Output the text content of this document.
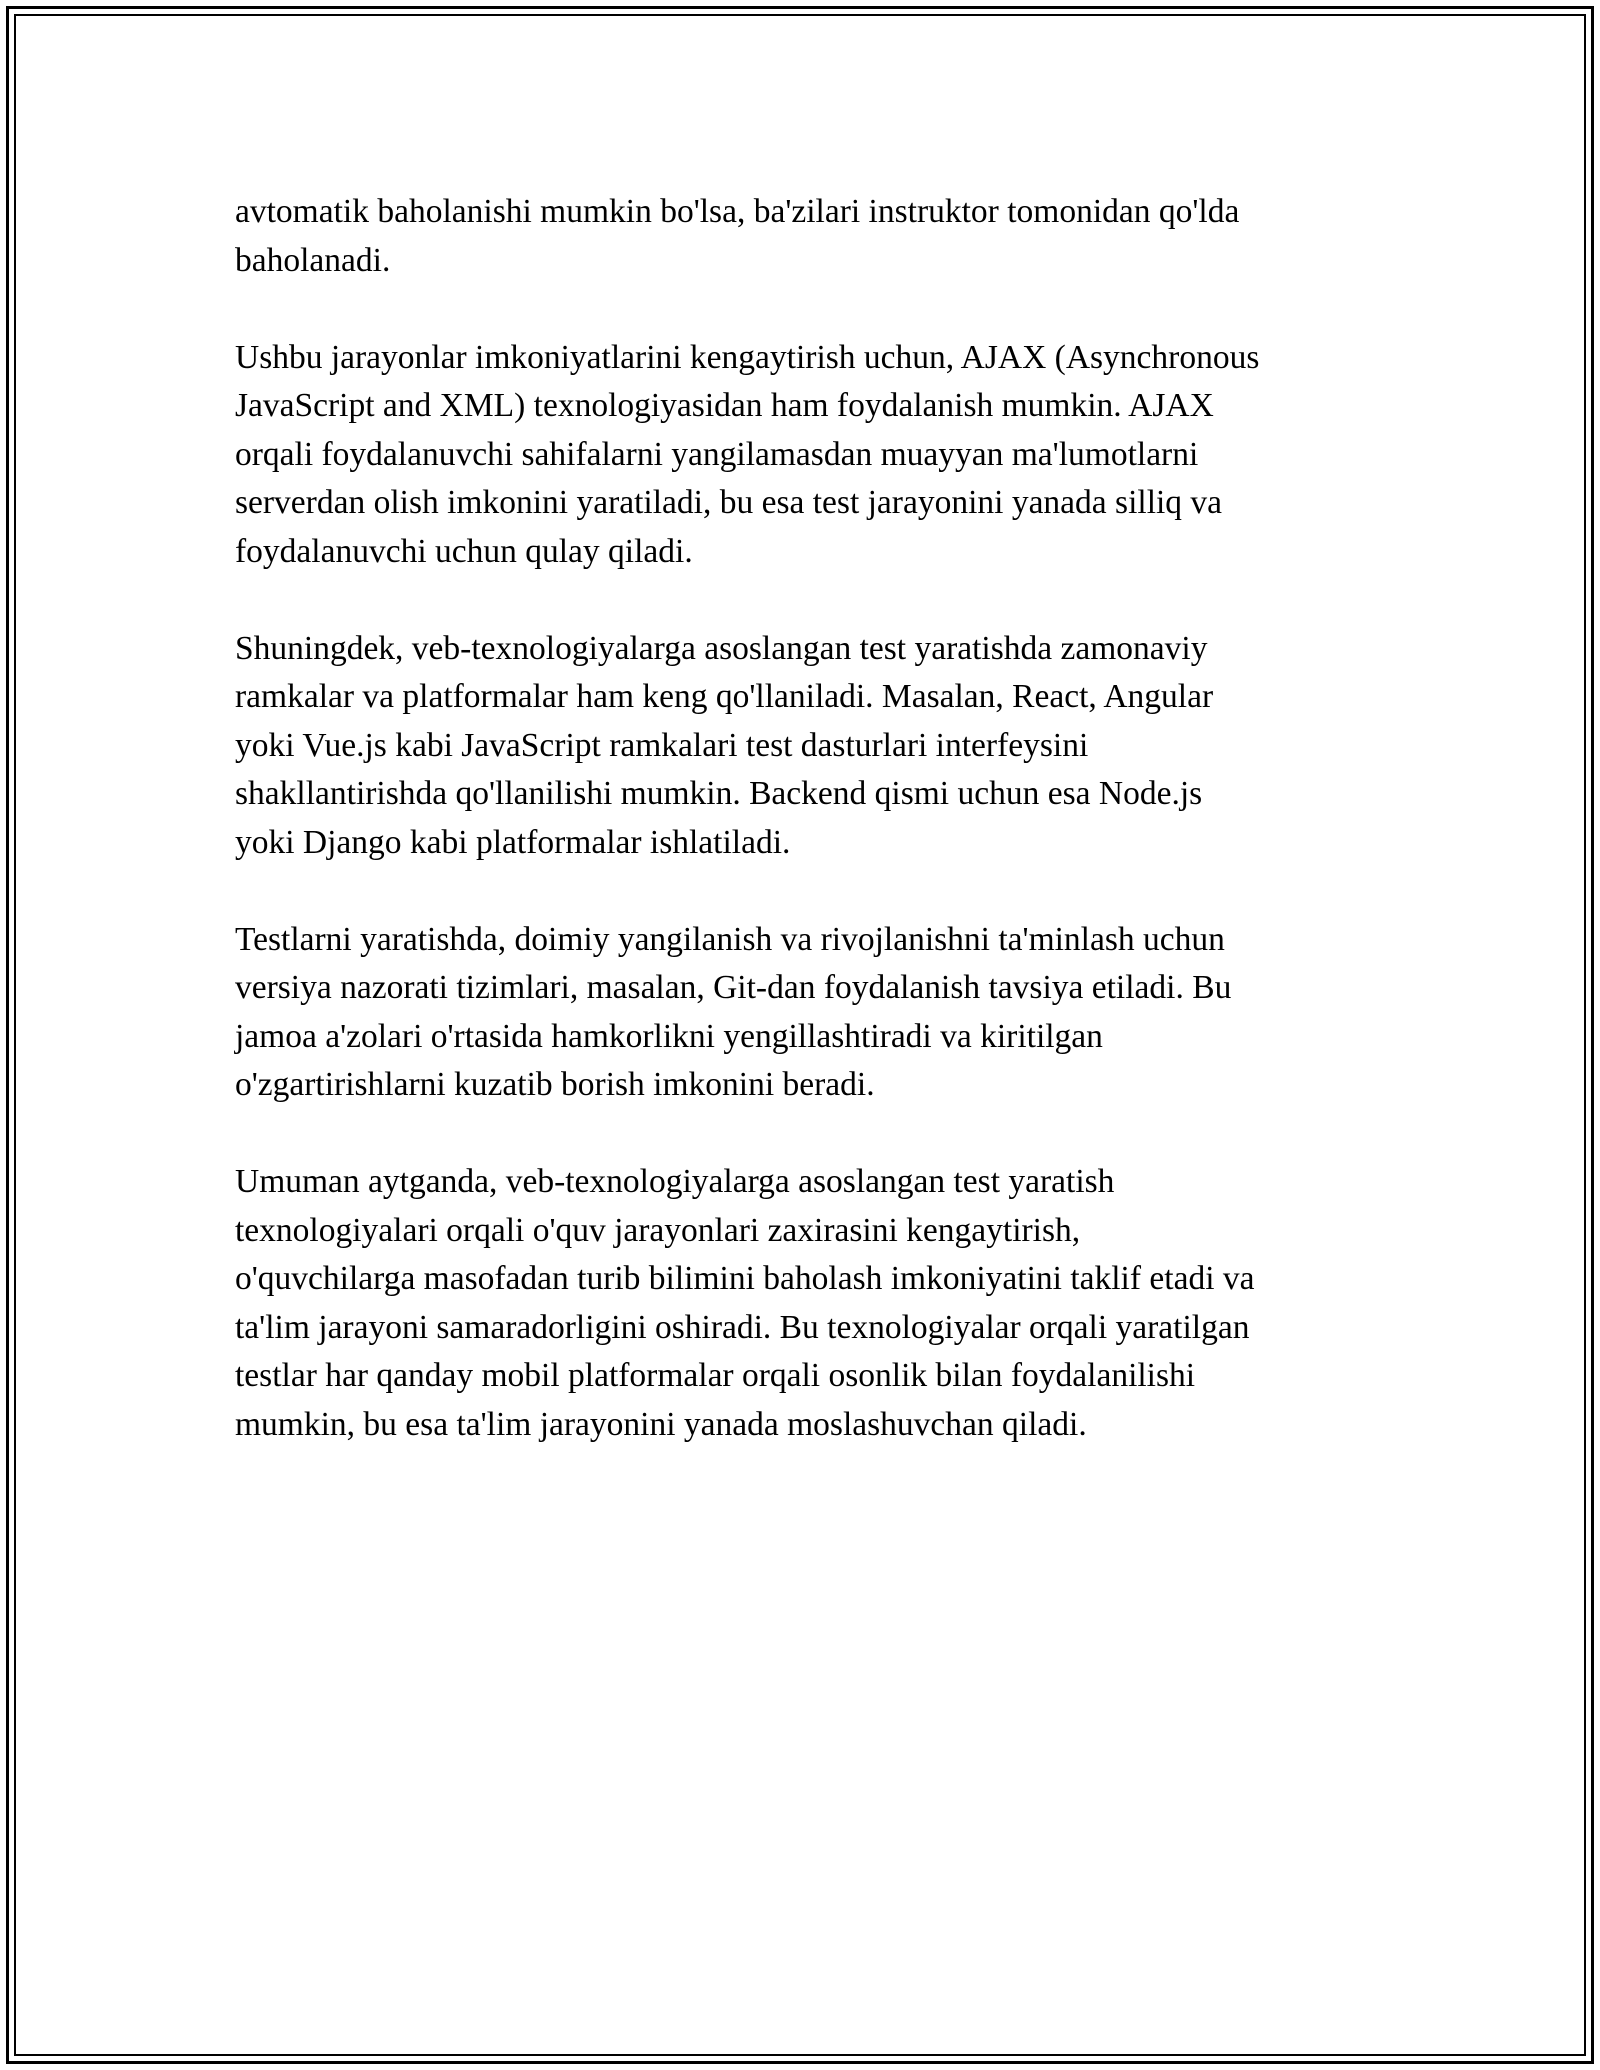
avtomatik baholanishi mumkin bo'lsa, ba'zilari instruktor tomonidan qo'lda
baholanadi.

Ushbu jarayonlar imkoniyatlarini kengaytirish uchun, AJAX (Asynchronous
JavaScript and XML) texnologiyasidan ham foydalanish mumkin. AJAX
orqali foydalanuvchi sahifalarni yangilamasdan muayyan ma'lumotlarni
serverdan olish imkonini yaratiladi, bu esa test jarayonini yanada silliq va
foydalanuvchi uchun qulay qiladi.

Shuningdek, veb-texnologiyalarga asoslangan test yaratishda zamonaviy
ramkalar va platformalar ham keng qo'llaniladi. Masalan, React, Angular
yoki Vue.js kabi JavaScript ramkalari test dasturlari interfeysini
shakllantirishda qo'llanilishi mumkin. Backend qismi uchun esa Node.js
yoki Django kabi platformalar ishlatiladi.

Testlarni yaratishda, doimiy yangilanish va rivojlanishni ta'minlash uchun
versiya nazorati tizimlari, masalan, Git-dan foydalanish tavsiya etiladi. Bu
jamoa a'zolari o'rtasida hamkorlikni yengillashtiradi va kiritilgan
o'zgartirishlarni kuzatib borish imkonini beradi.

Umuman aytganda, veb-texnologiyalarga asoslangan test yaratish
texnologiyalari orqali o'quv jarayonlari zaxirasini kengaytirish,
o'quvchilarga masofadan turib bilimini baholash imkoniyatini taklif etadi va
ta'lim jarayoni samaradorligini oshiradi. Bu texnologiyalar orqali yaratilgan
testlar har qanday mobil platformalar orqali osonlik bilan foydalanilishi
mumkin, bu esa ta'lim jarayonini yanada moslashuvchan qiladi.
